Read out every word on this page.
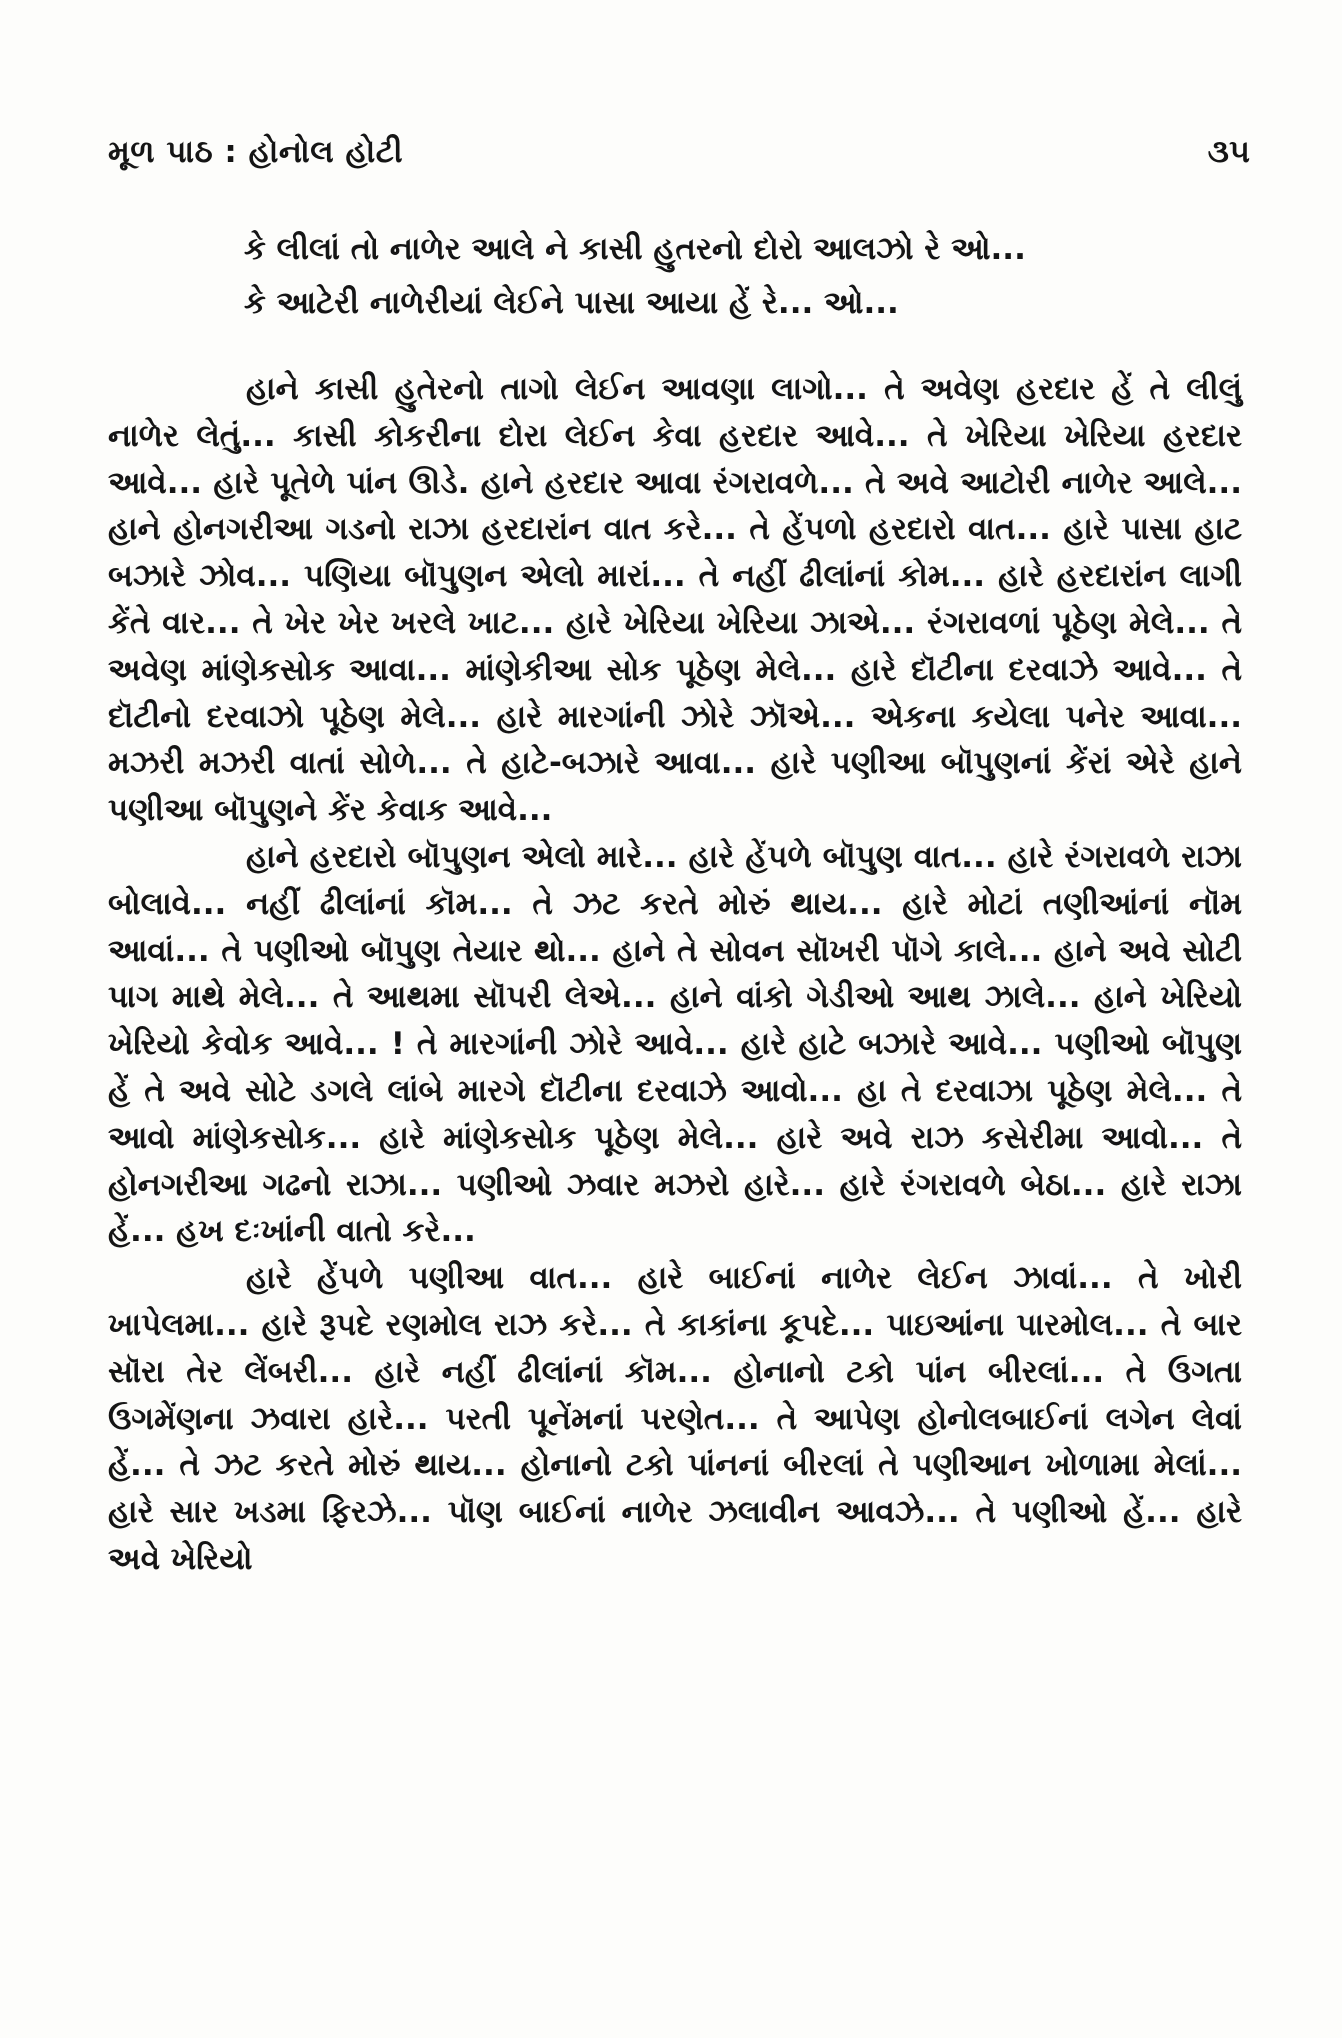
મૂળ પાઠ : હોનોલ હોટી	૩૫
કે લીલાં તો નાળેર આલે ને કાસી હુતરનો દોરો આલઝો રે ઓ...
કે આટેરી નાળેરીયાં લેઈને પાસા આયા હેં રે... ઓ...

હાને કાસી હુતેરનો તાગો લેઈન આવણા લાગો... તે અવેણ હરદાર હેં તે લીલું નાળેર લેતું... કાસી કોકરીના દોરા લેઈન કેવા હરદાર આવે... તે ખેરિયા ખેરિયા હરદાર આવે... હારે પૂતેળે પાંન ઊડે. હાને હરદાર આવા રંગરાવળે... તે અવે આટોરી નાળેર આલે... હાને હોનગરીઆ ગડનો રાઝા હરદારાંન વાત કરે... તે હેંપળો હરદારો વાત... હારે પાસા હાટ બઝારે ઝોવ... પણિયા બૉપુણન એલો મારાં... તે નહીં ઢીલાંનાં કોમ... હારે હરદારાંન લાગી કેંતે વાર... તે ખેર ખેર ખરલે ખાટ... હારે ખેરિયા ખેરિયા ઝાએ... રંગરાવળાં પૂઠેણ મેલે... તે અવેણ માંણેકસોક આવા... માંણેકીઆ સોક પૂઠેણ મેલે... હારે દૉટીના દરવાઝે આવે... તે દૉટીનો દરવાઝો પૂઠેણ મેલે... હારે મારગાંની ઝોરે ઝૉએ... એકના કયેલા પનેર આવા... મઝરી મઝરી વાતાં સોળે... તે હાટે-બઝારે આવા... હારે પણીઆ બૉપુણનાં કેંરાં એરે હાને પણીઆ બૉપુણને કેંર કેવાક આવે...

હાને હરદારો બૉપુણન એલો મારે... હારે હેંપળે બૉપુણ વાત... હારે રંગરાવળે રાઝા બોલાવે... નહીં ઢીલાંનાં કૉમ... તે ઝટ કરતે મોરું થાય... હારે મોટાં તણીઆંનાં નૉમ આવાં... તે પણીઓ બૉપુણ તેયાર થો... હાને તે સોવન સૉખરી પૉગે કાલે... હાને અવે સોટી પાગ માથે મેલે... તે આથમા સૉપરી લેએ... હાને વાંકો ગેડીઓ આથ ઝાલે... હાને ખેરિયો ખેરિયો કેવોક આવે... ! તે મારગાંની ઝોરે આવે... હારે હાટે બઝારે આવે... પણીઓ બૉપુણ હેં તે અવે સોટે ડગલે લાંબે મારગે દૉટીના દરવાઝે આવો... હા તે દરવાઝા પૂઠેણ મેલે... તે આવો માંણેકસોક... હારે માંણેકસોક પૂઠેણ મેલે... હારે અવે રાઝ કસેરીમા આવો... તે હોનગરીઆ ગઢનો રાઝા... પણીઓ ઝવાર મઝરો હારે... હારે રંગરાવળે બેઠા... હારે રાઝા હેં... હખ દઃખાંની વાતો કરે...

હારે હેંપળે પણીઆ વાત... હારે બાઈનાં નાળેર લેઈન ઝાવાં... તે ખોરી ખાપેલમા... હારે રૂપદે રણમોલ રાઝ કરે... તે કાકાંના કૂપદે... પાઇઆંના પારમોલ... તે બાર સૉરા તેર લેંબરી... હારે નહીં ઢીલાંનાં કૉમ... હોનાનો ટકો પાંન બીરલાં... તે ઉગતા ઉગમેંણના ઝવારા હારે... પરતી પૂનેંમનાં પરણેત... તે આપેણ હોનોલબાઈનાં લગેન લેવાં હેં... તે ઝટ કરતે મોરું થાય... હોનાનો ટકો પાંનનાં બીરલાં તે પણીઆન ખોળામા મેલાં... હારે સાર ખડમા ફિરઝે... પૉણ બાઈનાં નાળેર ઝલાવીન આવઝે... તે પણીઓ હેં... હારે અવે ખેરિયો
